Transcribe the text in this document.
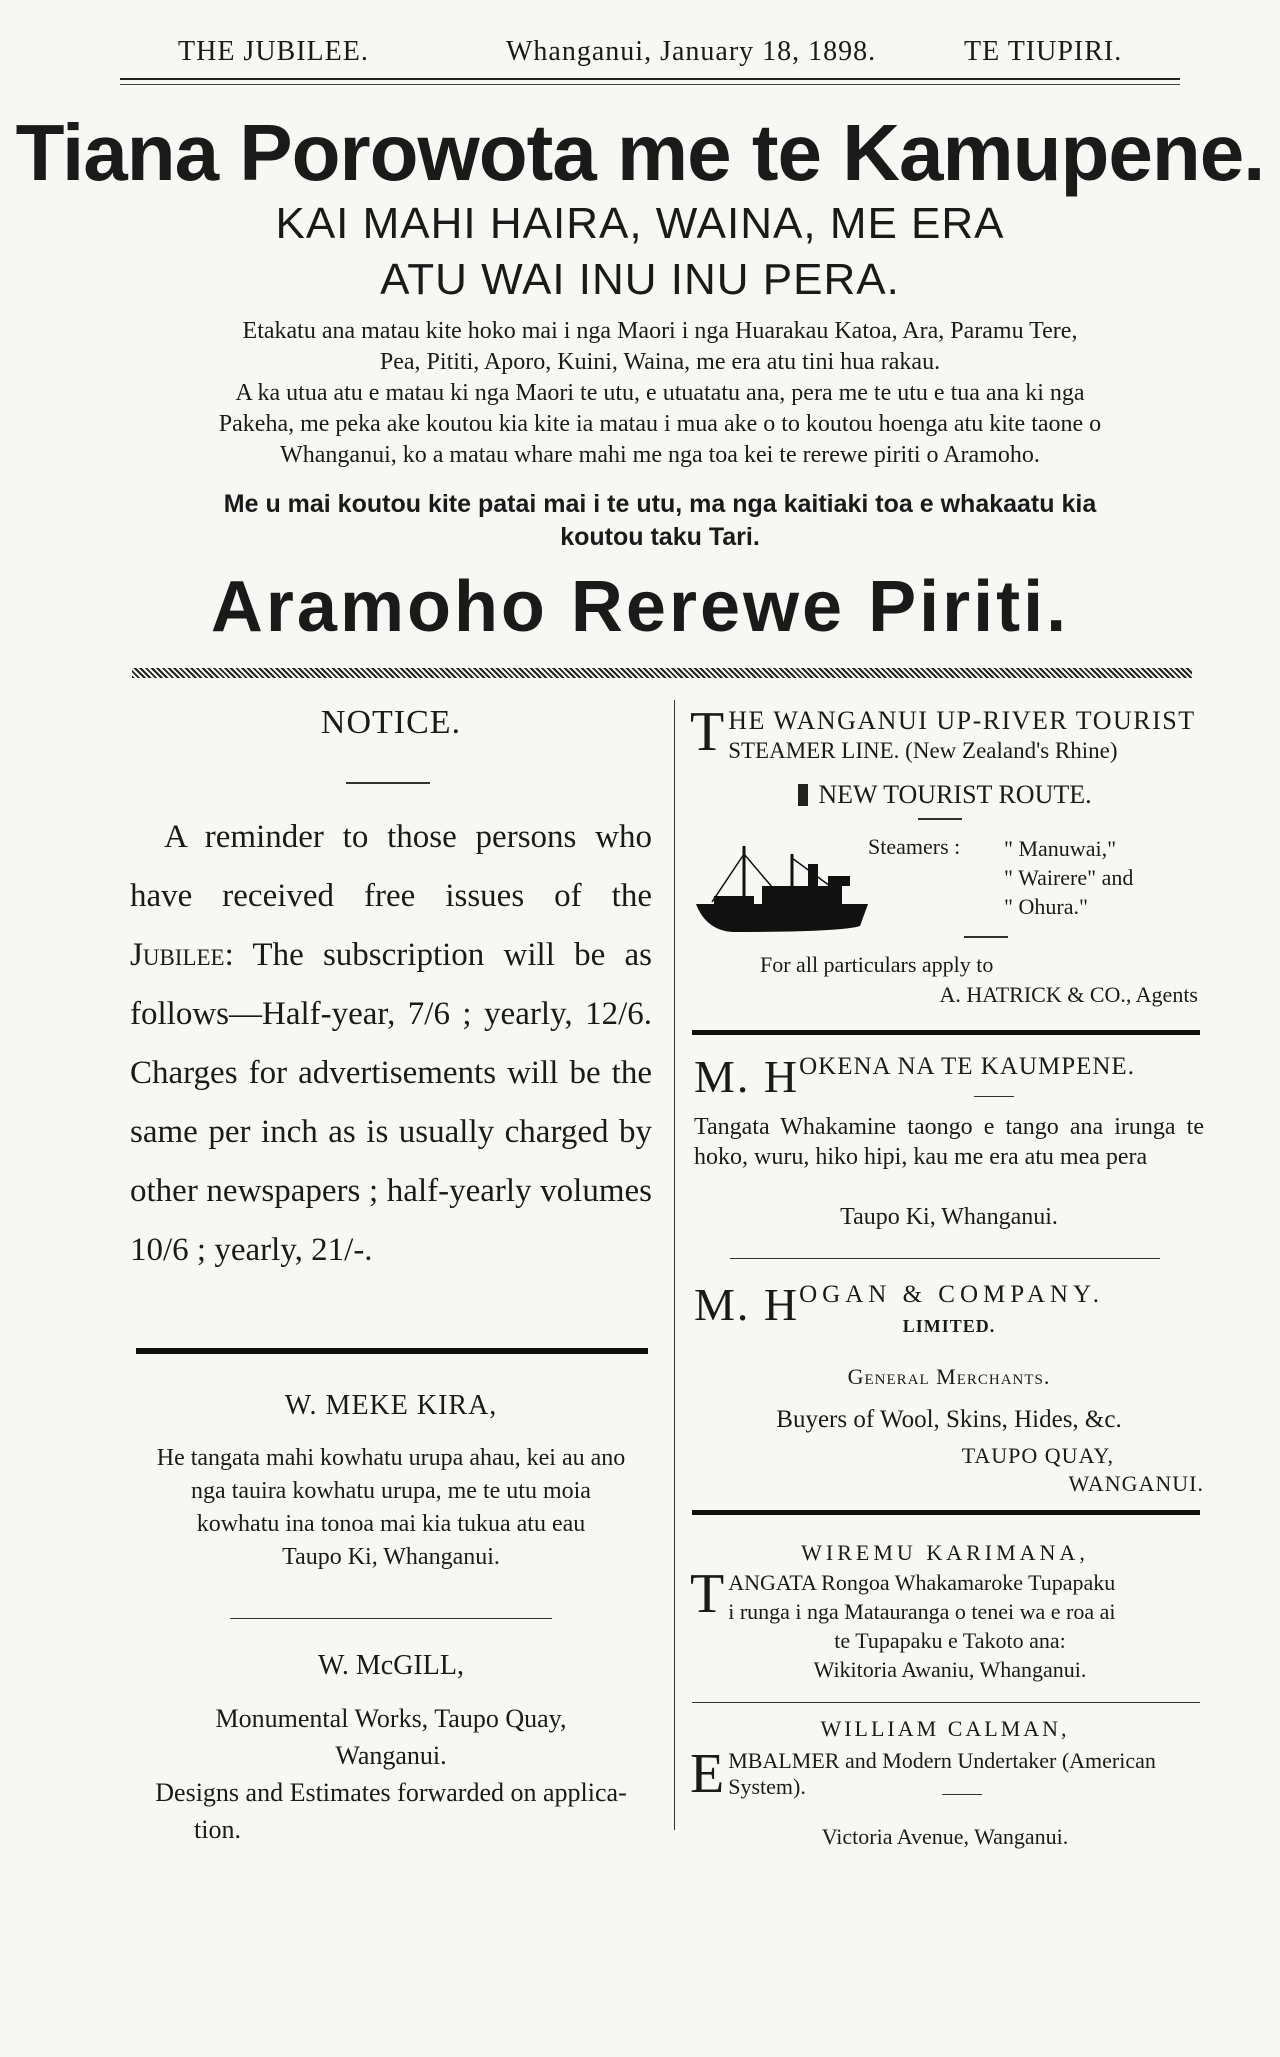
THE JUBILEE.	Whanganui, January 18, 1898.	TE TIUPIRI.
Tiana Porowota me te Kamupene.
KAI MAHI HAIRA, WAINA, ME ERA
ATU WAI INU INU PERA.
Etakatu ana matau kite hoko mai i nga Maori i nga Huarakau Katoa, Ara, Paramu Tere,
Pea, Pititi, Aporo, Kuini, Waina, me era atu tini hua rakau.
A ka utua atu e matau ki nga Maori te utu, e utuatatu ana, pera me te utu e tua ana ki nga
Pakeha, me peka ake koutou kia kite ia matau i mua ake o to koutou hoenga atu kite taone o
Whanganui, ko a matau whare mahi me nga toa kei te rerewe piriti o Aramoho.
Me u mai koutou kite patai mai i te utu, ma nga kaitiaki toa e whakaatu kia
koutou taku Tari.
Aramoho Rerewe Piriti.
NOTICE.
A reminder to those persons who have received free issues of the Jubilee: The subscription will be as follows—Half-year, 7/6 ; yearly, 12/6. Charges for advertisements will be the same per inch as is usually charged by other newspapers ; half-yearly volumes 10/6 ; yearly, 21/-.
W. MEKE KIRA,
He tangata mahi kowhatu urupa ahau, kei au ano
nga tauira kowhatu urupa, me te utu moia
kowhatu ina tonoa mai kia tukua atu eau
Taupo Ki, Whanganui.
W. McGILL,
Monumental Works, Taupo Quay,
Wanganui.
Designs and Estimates forwarded on applica-
tion.
T HE WANGANUI UP-RIVER TOURIST
STEAMER LINE. (New Zealand's Rhine)
NEW TOURIST ROUTE.
Steamers : " Manuwai,"
" Wairere" and
" Ohura."
For all particulars apply to
A. HATRICK & CO., Agents
M. HOKENA NA TE KAUMPENE.
Tangata Whakamine taongo e tango ana irunga te hoko, wuru, hiko hipi, kau me era atu mea pera
Taupo Ki, Whanganui.
M. HOGAN & COMPANY.
LIMITED.
General Merchants.
Buyers of Wool, Skins, Hides, &c.
TAUPO QUAY,
WANGANUI.
WIREMU KARIMANA,
T ANGATA Rongoa Whakamaroke Tupapaku
i runga i nga Matauranga o tenei wa e roa ai
te Tupapaku e Takoto ana:
Wikitoria Awaniu, Whanganui.
WILLIAM CALMAN,
E MBALMER and Modern Undertaker (American
System).
Victoria Avenue, Wanganui.
